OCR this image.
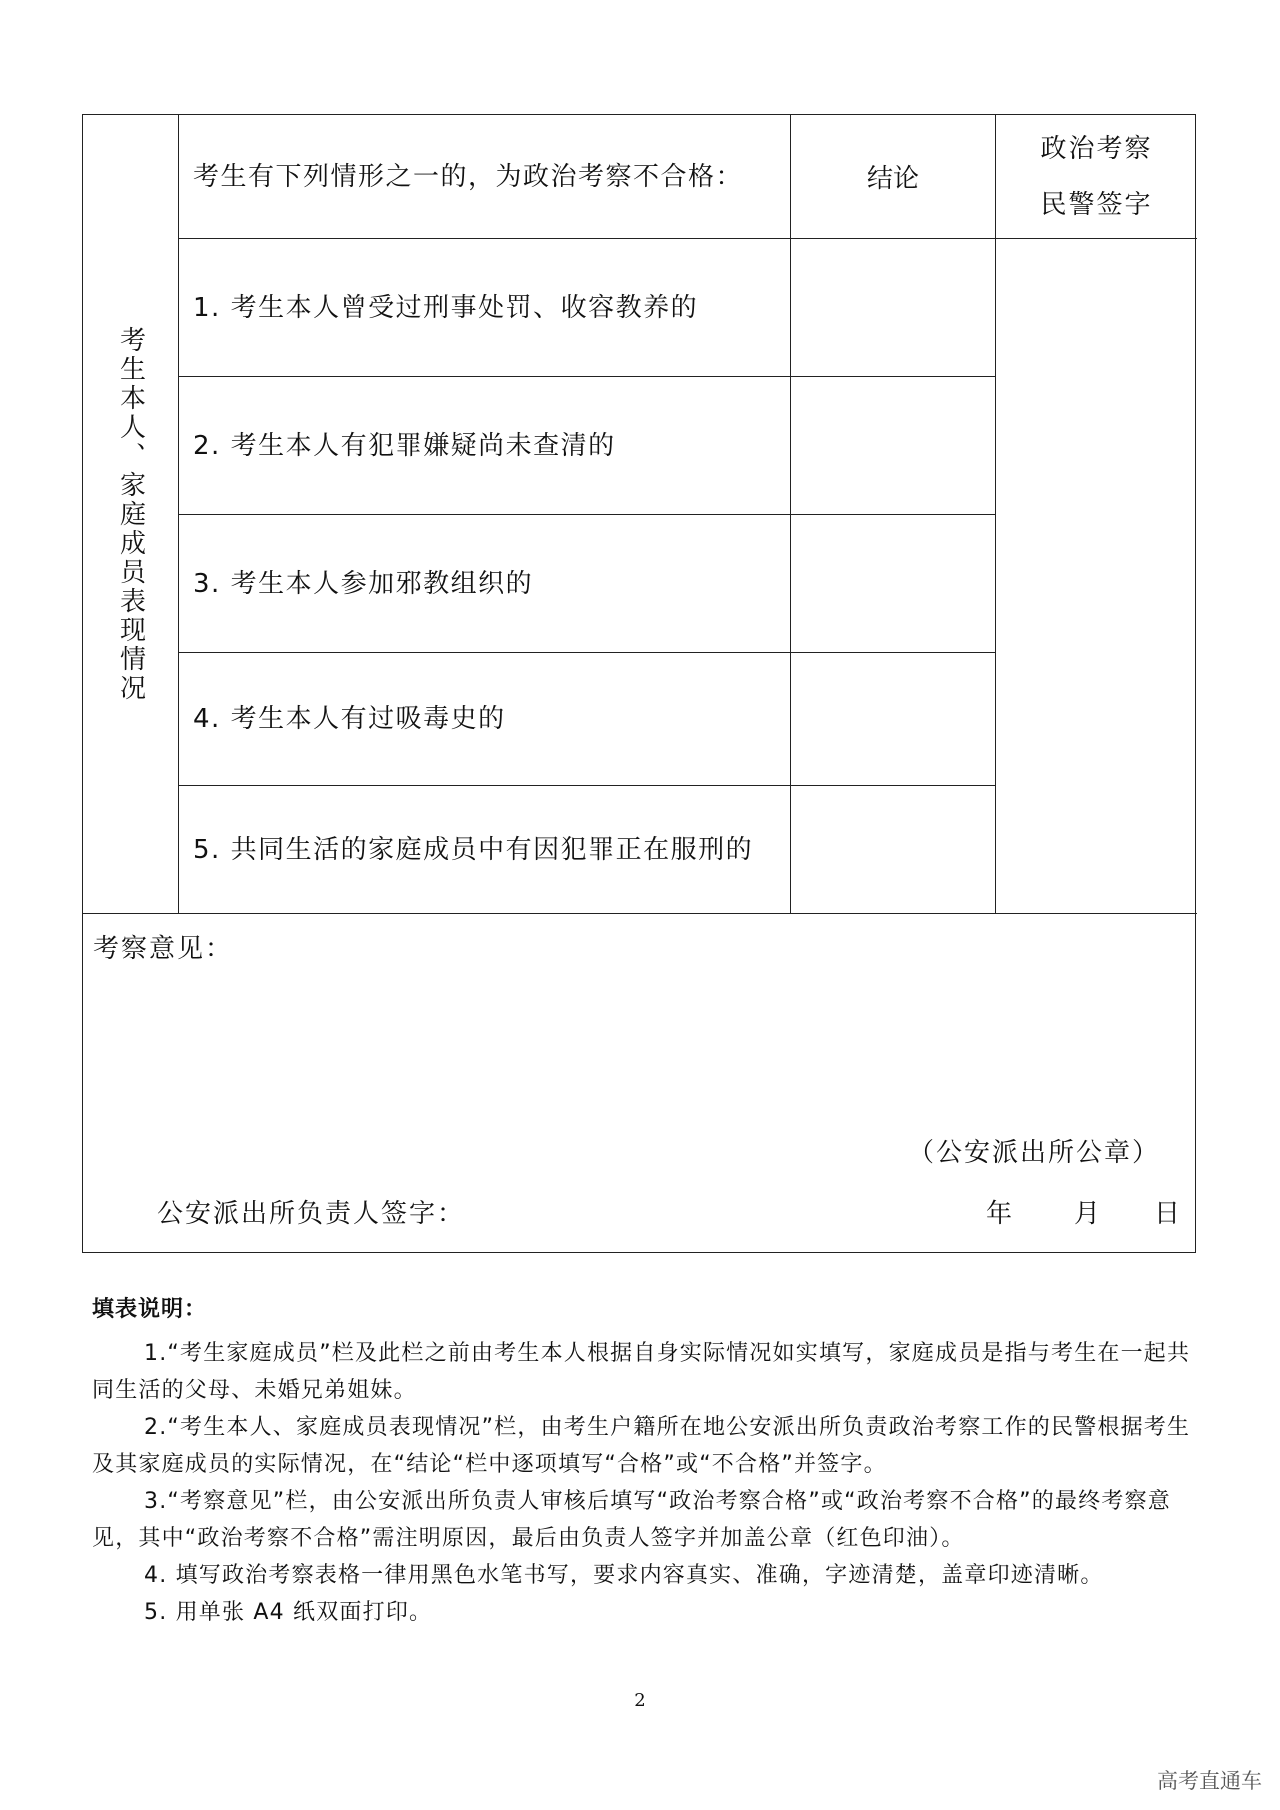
考生本人、家庭成员表现情况
考生有下列情形之一的，为政治考察不合格：	结论
1. 考生本人曾受过刑事处罚、收容教养的
2. 考生本人有犯罪嫌疑尚未查清的
3. 考生本人参加邪教组织的
4. 考生本人有过吸毒史的
5. 共同生活的家庭成员中有因犯罪正在服刑的
政治考察
民警签字
考察意见：
（公安派出所公章）
公安派出所负责人签字：	年 月 日
填表说明：

1.“考生家庭成员”栏及此栏之前由考生本人根据自身实际情况如实填写，家庭成员是指与考生在一起共同生活的父母、未婚兄弟姐妹。

2.“考生本人、家庭成员表现情况”栏，由考生户籍所在地公安派出所负责政治考察工作的民警根据考生及其家庭成员的实际情况，在“结论“栏中逐项填写“合格”或“不合格”并签字。

3.“考察意见”栏，由公安派出所负责人审核后填写“政治考察合格”或“政治考察不合格”的最终考察意见，其中“政治考察不合格”需注明原因，最后由负责人签字并加盖公章（红色印油）。

4. 填写政治考察表格一律用黑色水笔书写，要求内容真实、准确，字迹清楚，盖章印迹清晰。

5. 用单张 A4 纸双面打印。

2
高考直通车
